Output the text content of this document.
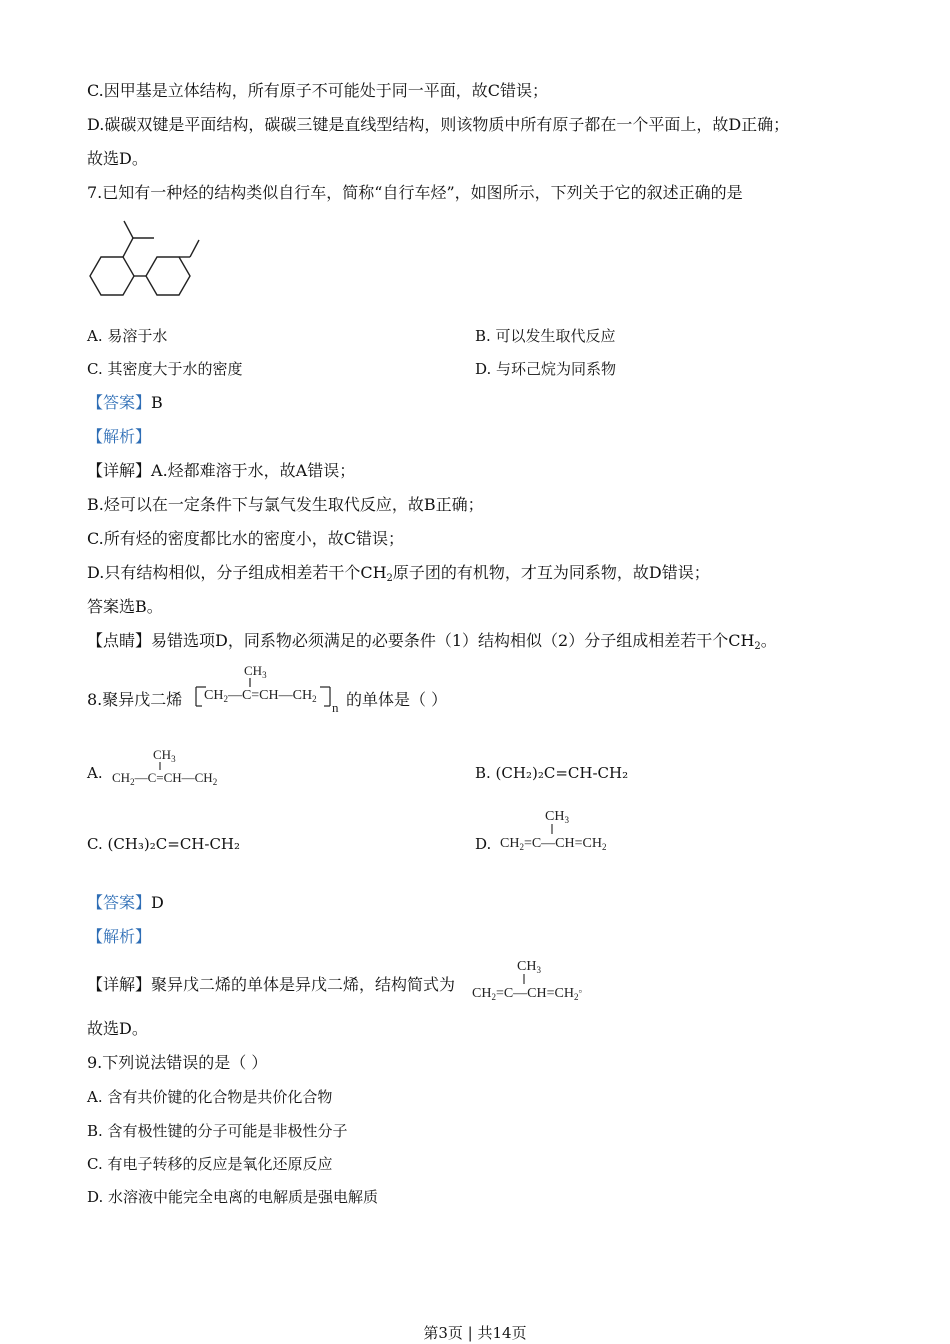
C.因甲基是立体结构，所有原子不可能处于同一平面，故C错误；
D.碳碳双键是平面结构，碳碳三键是直线型结构，则该物质中所有原子都在一个平面上，故D正确；
故选D。
7.已知有一种烃的结构类似自行车，简称“自行车烃”，如图所示，下列关于它的叙述正确的是
A. 易溶于水	B. 可以发生取代反应
C. 其密度大于水的密度	D. 与环己烷为同系物
【答案】B
【解析】
【详解】A.烃都难溶于水，故A错误；
B.烃可以在一定条件下与氯气发生取代反应，故B正确；
C.所有烃的密度都比水的密度小，故C错误；
D.只有结构相似，分子组成相差若干个$CH_2$原子团的有机物，才互为同系物，故D错误；
答案选B。
【点睛】易错选项D，同系物必须满足的必要条件（1）结构相似（2）分子组成相差若干个$CH_2$。
8.聚异戊二烯
$CH_3$
$CH_2—C=CH—CH_2$
n 的单体是（ ）
A.
$CH_3$
$CH_2—C=CH—CH_2$	B. (CH₂)₂C=CH-CH₂
C. (CH₃)₂C=CH-CH₂	D.
$CH_3$
$CH_2=C—CH=CH_2$
【答案】D
【解析】
【详解】聚异戊二烯的单体是异戊二烯，结构简式为
$CH_3$
$CH_2=C—CH=CH_2^。$
故选D。
9.下列说法错误的是（ ）
A. 含有共价键的化合物是共价化合物
B. 含有极性键的分子可能是非极性分子
C. 有电子转移的反应是氧化还原反应
D. 水溶液中能完全电离的电解质是强电解质
第3页 | 共14页
